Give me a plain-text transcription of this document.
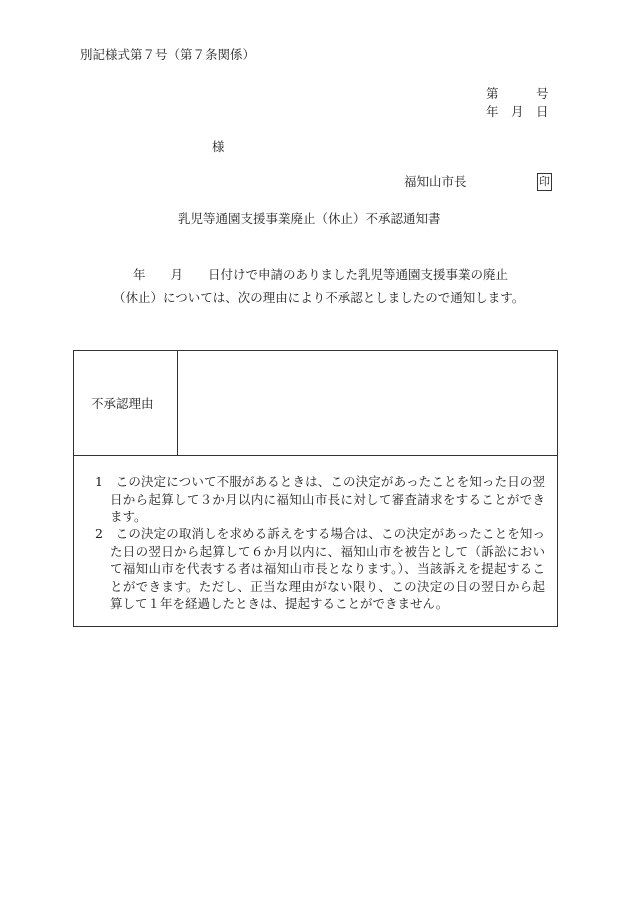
別記様式第７号（第７条関係）
第　　　号
年　月　日
様
福知山市長	印
乳児等通園支援事業廃止（休止）不承認通知書
年　　月　　日付けで申請のありました乳児等通園支援事業の廃止
（休止）については、次の理由により不承認としましたので通知します。
不承認理由
1　この決定について不服があるときは、この決定があったことを知った日の翌日から起算して３か月以内に福知山市長に対して審査請求をすることができます。
2　この決定の取消しを求める訴えをする場合は、この決定があったことを知った日の翌日から起算して６か月以内に、福知山市を被告として（訴訟において福知山市を代表する者は福知山市長となります。）、当該訴えを提起することができます。ただし、正当な理由がない限り、この決定の日の翌日から起算して１年を経過したときは、提起することができません。
